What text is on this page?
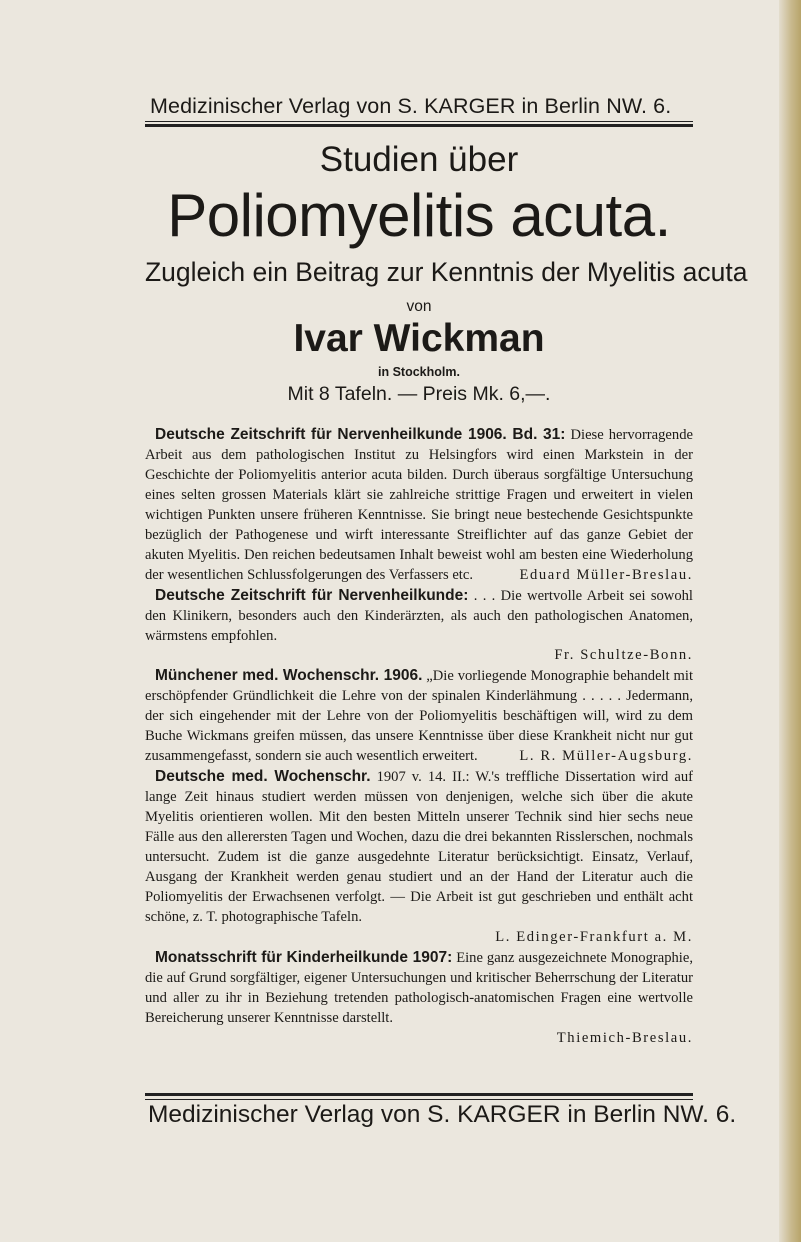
Medizinischer Verlag von S. KARGER in Berlin NW. 6.
Studien über
Poliomyelitis acuta.
Zugleich ein Beitrag zur Kenntnis der Myelitis acuta
von
Ivar Wickman
in Stockholm.
Mit 8 Tafeln. — Preis Mk. 6,—.

Deutsche Zeitschrift für Nervenheilkunde 1906. Bd. 31: Diese hervorragende Arbeit aus dem pathologischen Institut zu Helsingfors wird einen Markstein in der Geschichte der Poliomyelitis anterior acuta bilden. Durch überaus sorgfältige Untersuchung eines selten grossen Materials klärt sie zahlreiche strittige Fragen und erweitert in vielen wichtigen Punkten unsere früheren Kenntnisse. Sie bringt neue bestechende Gesichtspunkte bezüglich der Pathogenese und wirft interessante Streiflichter auf das ganze Gebiet der akuten Myelitis. Den reichen bedeutsamen Inhalt beweist wohl am besten eine Wiederholung der wesentlichen Schlussfolgerungen des Verfassers etc.	Eduard Müller-Breslau.

Deutsche Zeitschrift für Nervenheilkunde: . . . Die wertvolle Arbeit sei sowohl den Klinikern, besonders auch den Kinderärzten, als auch den pathologischen Anatomen, wärmstens empfohlen.
Fr. Schultze-Bonn.

Münchener med. Wochenschr. 1906. „Die vorliegende Monographie behandelt mit erschöpfender Gründlichkeit die Lehre von der spinalen Kinderlähmung . . . . . Jedermann, der sich eingehender mit der Lehre von der Poliomyelitis beschäftigen will, wird zu dem Buche Wickmans greifen müssen, das unsere Kenntnisse über diese Krankheit nicht nur gut zusammengefasst, sondern sie auch wesentlich erweitert.	L. R. Müller-Augsburg.

Deutsche med. Wochenschr. 1907 v. 14. II.: W.'s treffliche Dissertation wird auf lange Zeit hinaus studiert werden müssen von denjenigen, welche sich über die akute Myelitis orientieren wollen. Mit den besten Mitteln unserer Technik sind hier sechs neue Fälle aus den allerersten Tagen und Wochen, dazu die drei bekannten Risslerschen, nochmals untersucht. Zudem ist die ganze ausgedehnte Literatur berücksichtigt. Einsatz, Verlauf, Ausgang der Krankheit werden genau studiert und an der Hand der Literatur auch die Poliomyelitis der Erwachsenen verfolgt. — Die Arbeit ist gut geschrieben und enthält acht schöne, z. T. photographische Tafeln.
L. Edinger-Frankfurt a. M.

Monatsschrift für Kinderheilkunde 1907: Eine ganz ausgezeichnete Monographie, die auf Grund sorgfältiger, eigener Untersuchungen und kritischer Beherrschung der Literatur und aller zu ihr in Beziehung tretenden pathologisch-anatomischen Fragen eine wertvolle Bereicherung unserer Kenntnisse darstellt.
Thiemich-Breslau.

Medizinischer Verlag von S. KARGER in Berlin NW. 6.
